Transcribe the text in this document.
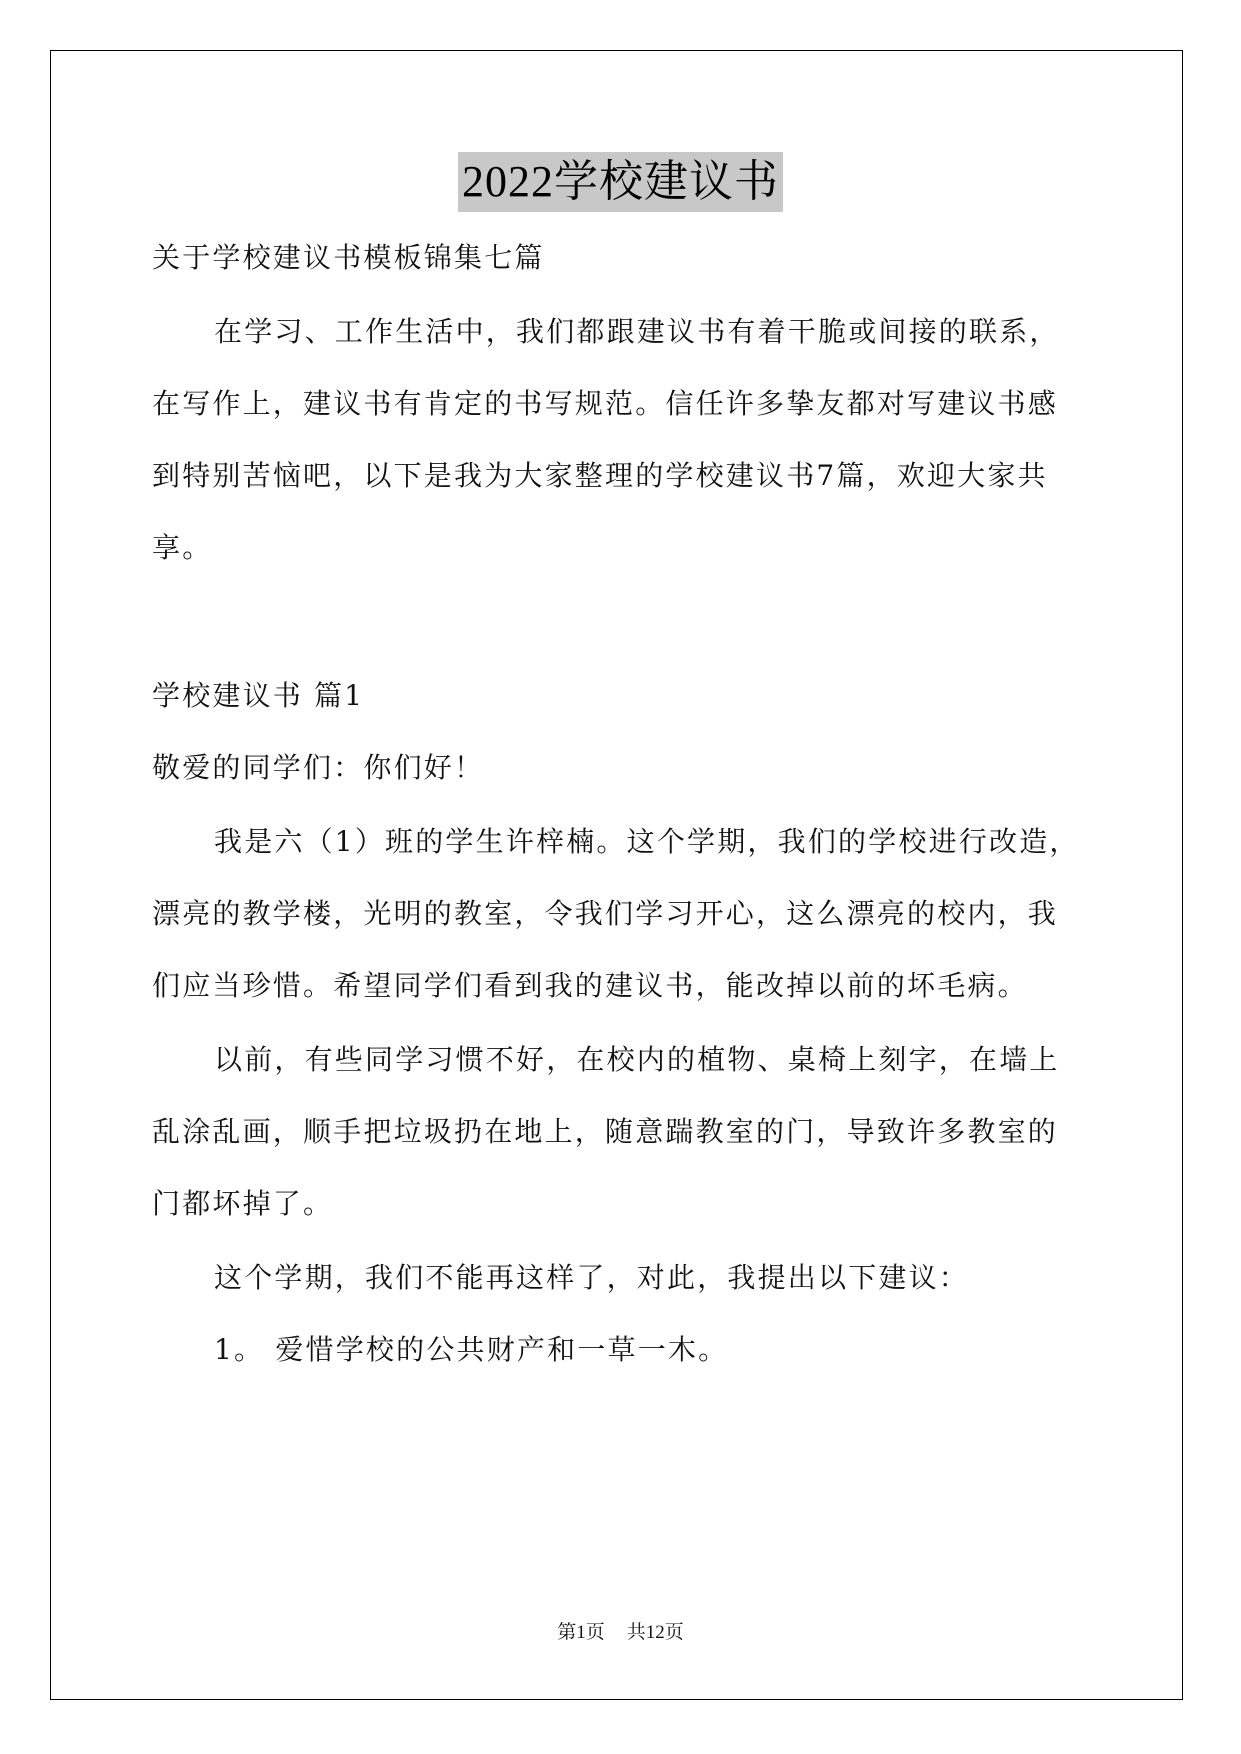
2022学校建议书
关于学校建议书模板锦集七篇
在学习、工作生活中，我们都跟建议书有着干脆或间接的联系，
在写作上，建议书有肯定的书写规范。信任许多挚友都对写建议书感
到特别苦恼吧，以下是我为大家整理的学校建议书7篇，欢迎大家共
享。
学校建议书 篇1
敬爱的同学们：你们好！
我是六（1）班的学生许梓楠。这个学期，我们的学校进行改造，
漂亮的教学楼，光明的教室，令我们学习开心，这么漂亮的校内，我
们应当珍惜。希望同学们看到我的建议书，能改掉以前的坏毛病。
以前，有些同学习惯不好，在校内的植物、桌椅上刻字，在墙上
乱涂乱画，顺手把垃圾扔在地上，随意踹教室的门，导致许多教室的
门都坏掉了。
这个学期，我们不能再这样了，对此，我提出以下建议：
1。 爱惜学校的公共财产和一草一木。
第1页 共12页
